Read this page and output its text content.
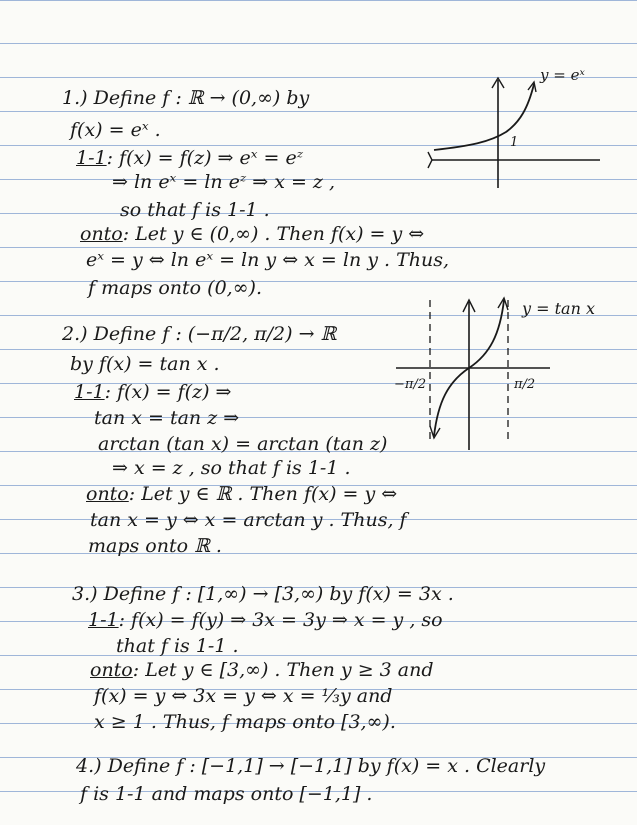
1.) Define f : ℝ → (0,∞) by
f(x) = eˣ .
1-1: f(x) = f(z) ⇒ eˣ = eᶻ
⇒ ln eˣ = ln eᶻ ⇒ x = z ,
so that f is 1-1 .
onto: Let y ∈ (0,∞) . Then f(x) = y ⇔
eˣ = y ⇔ ln eˣ = ln y ⇔ x = ln y . Thus,
f maps onto (0,∞).
y = eˣ
1
2.) Define f : (−π/2, π/2) → ℝ
by f(x) = tan x .
1-1: f(x) = f(z) ⇒
tan x = tan z ⇒
arctan (tan x) = arctan (tan z)
⇒ x = z , so that f is 1-1 .
onto: Let y ∈ ℝ . Then f(x) = y ⇔
tan x = y ⇔ x = arctan y . Thus, f
maps onto ℝ .
y = tan x
−π/2	π/2
3.) Define f : [1,∞) → [3,∞) by f(x) = 3x .
1-1: f(x) = f(y) ⇒ 3x = 3y ⇒ x = y , so
that f is 1-1 .
onto: Let y ∈ [3,∞) . Then y ≥ 3 and
f(x) = y ⇔ 3x = y ⇔ x = ⅓y and
x ≥ 1 . Thus, f maps onto [3,∞).
4.) Define f : [−1,1] → [−1,1] by f(x) = x . Clearly
f is 1-1 and maps onto [−1,1] .
